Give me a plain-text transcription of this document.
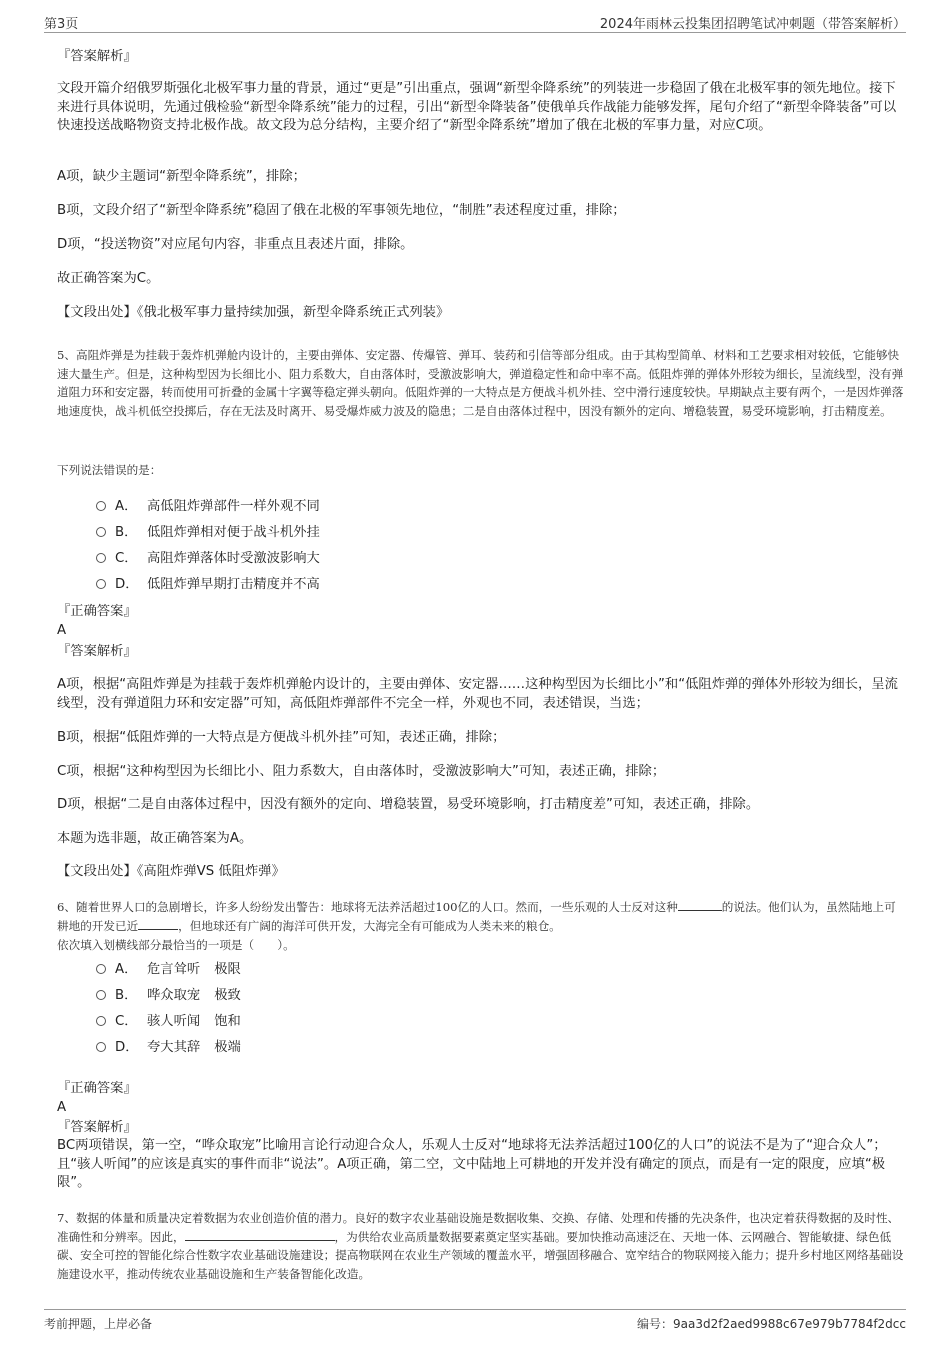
第3页	2024年雨林云投集团招聘笔试冲刺题（带答案解析）
『答案解析』
文段开篇介绍俄罗斯强化北极军事力量的背景，通过“更是”引出重点，强调“新型伞降系统”的列装进一步稳固了俄在北极军事的领先地位。接下来进行具体说明，先通过俄检验“新型伞降系统”能力的过程，引出“新型伞降装备”使俄单兵作战能力能够发挥，尾句介绍了“新型伞降装备”可以快速投送战略物资支持北极作战。故文段为总分结构，主要介绍了“新型伞降系统”增加了俄在北极的军事力量，对应C项。
A项，缺少主题词“新型伞降系统”，排除；
B项，文段介绍了“新型伞降系统”稳固了俄在北极的军事领先地位，“制胜”表述程度过重，排除；
D项，“投送物资”对应尾句内容，非重点且表述片面，排除。
故正确答案为C。
【文段出处】《俄北极军事力量持续加强，新型伞降系统正式列装》
5、高阻炸弹是为挂载于轰炸机弹舱内设计的，主要由弹体、安定器、传爆管、弹耳、装药和引信等部分组成。由于其构型简单、材料和工艺要求相对较低，它能够快速大量生产。但是，这种构型因为长细比小、阻力系数大，自由落体时，受激波影响大，弹道稳定性和命中率不高。低阻炸弹的弹体外形较为细长，呈流线型，没有弹道阻力环和安定器，转而使用可折叠的金属十字翼等稳定弹头朝向。低阻炸弹的一大特点是方便战斗机外挂、空中滑行速度较快。早期缺点主要有两个，一是因炸弹落地速度快，战斗机低空投掷后，存在无法及时离开、易受爆炸威力波及的隐患；二是自由落体过程中，因没有额外的定向、增稳装置，易受环境影响，打击精度差。
下列说法错误的是：
A． 高低阻炸弹部件一样外观不同
B． 低阻炸弹相对便于战斗机外挂
C． 高阻炸弹落体时受激波影响大
D． 低阻炸弹早期打击精度并不高
『正确答案』
A
『答案解析』
A项，根据“高阻炸弹是为挂载于轰炸机弹舱内设计的，主要由弹体、安定器……这种构型因为长细比小”和“低阻炸弹的弹体外形较为细长，呈流线型，没有弹道阻力环和安定器”可知，高低阻炸弹部件不完全一样，外观也不同，表述错误，当选；
B项，根据“低阻炸弹的一大特点是方便战斗机外挂”可知，表述正确，排除；
C项，根据“这种构型因为长细比小、阻力系数大，自由落体时，受激波影响大”可知，表述正确，排除；
D项，根据“二是自由落体过程中，因没有额外的定向、增稳装置，易受环境影响，打击精度差”可知，表述正确，排除。
本题为选非题，故正确答案为A。
【文段出处】《高阻炸弹VS 低阻炸弹》
6、随着世界人口的急剧增长，许多人纷纷发出警告：地球将无法养活超过100亿的人口。然而，一些乐观的人士反对这种	的说法。他们认为，虽然陆地上可耕地的开发已近	，但地球还有广阔的海洋可供开发，大海完全有可能成为人类未来的粮仓。
依次填入划横线部分最恰当的一项是（　　）。
A． 危言耸听 极限
B． 哗众取宠 极致
C． 骇人听闻 饱和
D． 夸大其辞 极端
『正确答案』
A
『答案解析』
BC两项错误，第一空，“哗众取宠”比喻用言论行动迎合众人，乐观人士反对“地球将无法养活超过100亿的人口”的说法不是为了“迎合众人”；且“骇人听闻”的应该是真实的事件而非“说法”。A项正确，第二空，文中陆地上可耕地的开发并没有确定的顶点，而是有一定的限度，应填“极限”。
7、数据的体量和质量决定着数据为农业创造价值的潜力。良好的数字农业基础设施是数据收集、交换、存储、处理和传播的先决条件，也决定着获得数据的及时性、准确性和分辨率。因此，	，为供给农业高质量数据要素奠定坚实基础。要加快推动高速泛在、天地一体、云网融合、智能敏捷、绿色低碳、安全可控的智能化综合性数字农业基础设施建设；提高物联网在农业生产领域的覆盖水平，增强固移融合、宽窄结合的物联网接入能力；提升乡村地区网络基础设施建设水平，推动传统农业基础设施和生产装备智能化改造。
考前押题，上岸必备	编号：9aa3d2f2aed9988c67e979b7784f2dcc
